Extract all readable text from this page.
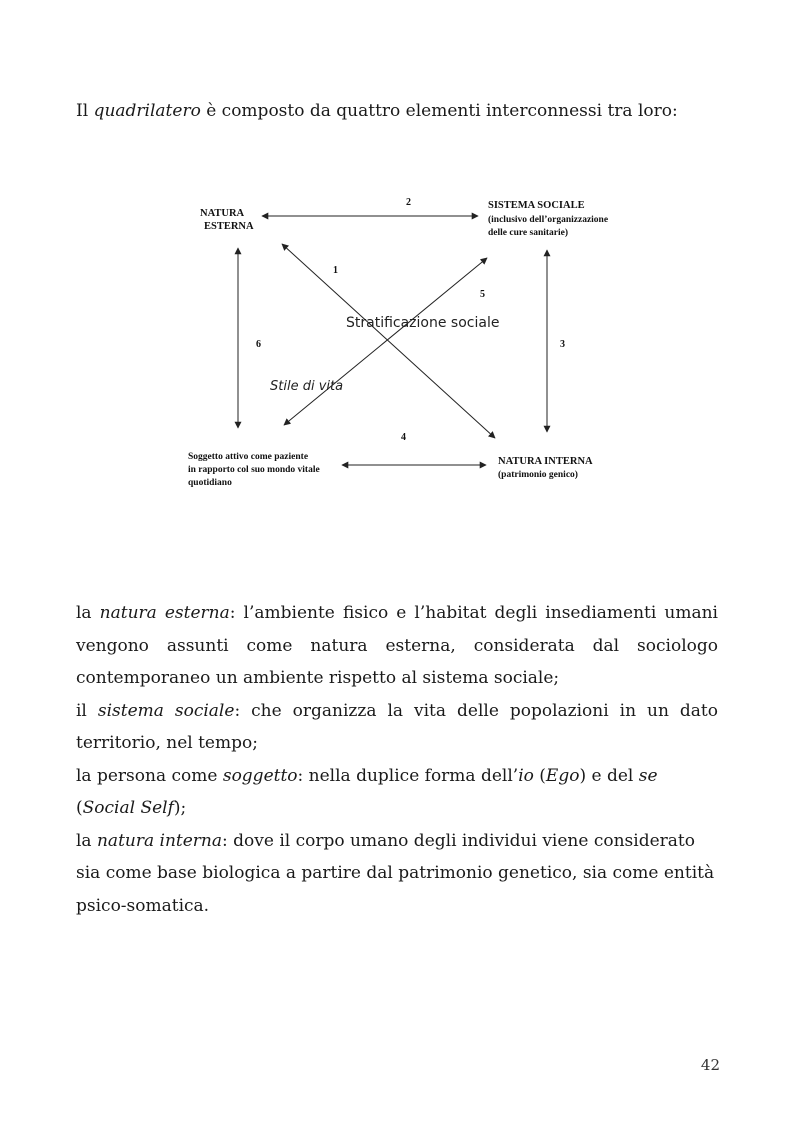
Il quadrilatero è composto da quattro elementi interconnessi tra loro:

NATURA ESTERNA
SISTEMA SOCIALE (inclusivo dell’organizzazione delle cure sanitarie)
Soggetto attivo come paziente in rapporto col suo mondo vitale quotidiano
NATURA INTERNA (patrimonio genico)
1
2
3
4
5
6
Stratificazione sociale
Stile di vita

la natura esterna: l’ambiente fisico e l’habitat degli insediamenti umani vengono assunti come natura esterna, considerata dal sociologo contemporaneo un ambiente rispetto al sistema sociale;

il sistema sociale: che organizza la vita delle popolazioni in un dato territorio, nel tempo;

la persona come soggetto: nella duplice forma dell’io (Ego) e del se (Social Self);

la natura interna: dove il corpo umano degli individui viene considerato sia come base biologica a partire dal patrimonio genetico, sia come entità psico-somatica.

42
